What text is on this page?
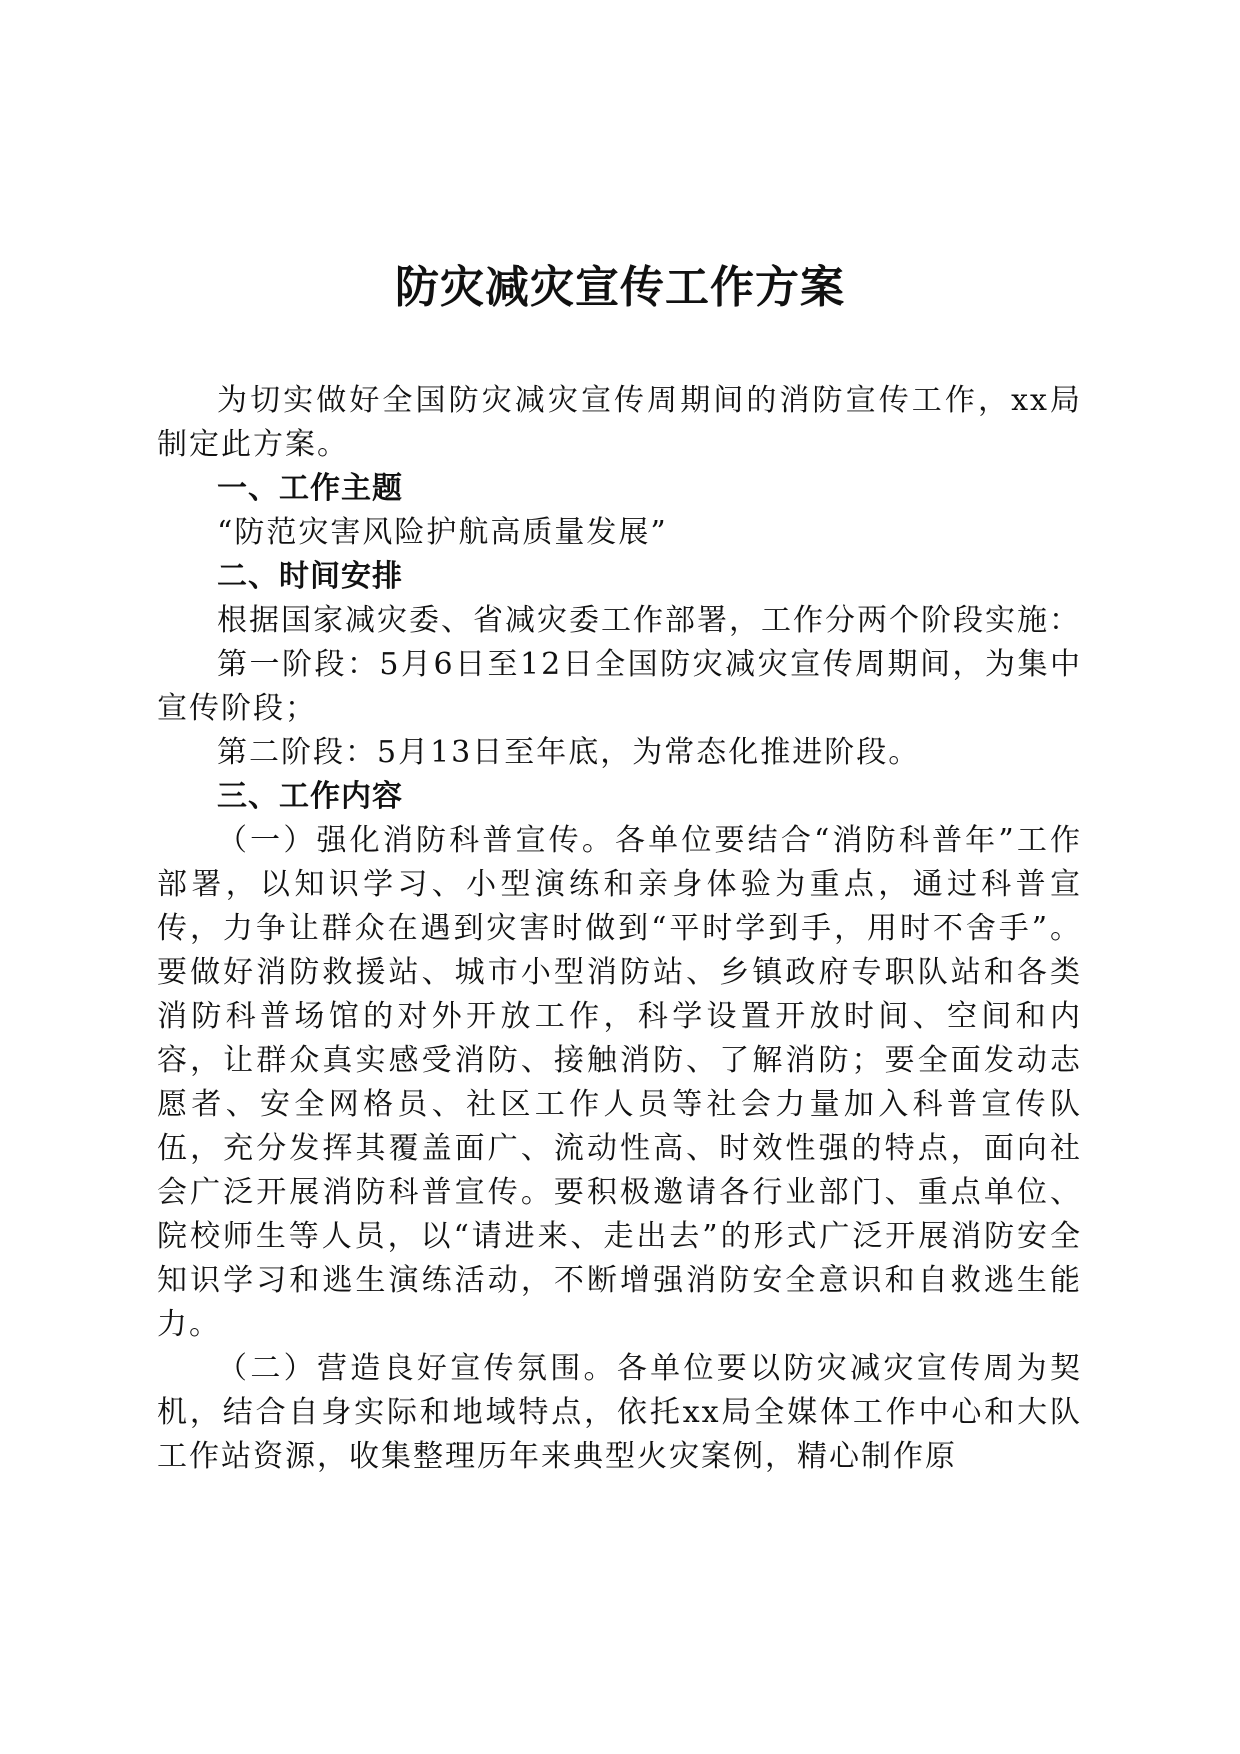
防灾减灾宣传工作方案

为切实做好全国防灾减灾宣传周期间的消防宣传工作，xx局制定此方案。

一、工作主题

“防范灾害风险护航高质量发展”

二、时间安排

根据国家减灾委、省减灾委工作部署，工作分两个阶段实施：

第一阶段：5月6日至12日全国防灾减灾宣传周期间，为集中宣传阶段；

第二阶段：5月13日至年底，为常态化推进阶段。

三、工作内容

（一）强化消防科普宣传。各单位要结合“消防科普年”工作部署，以知识学习、小型演练和亲身体验为重点，通过科普宣传，力争让群众在遇到灾害时做到“平时学到手，用时不舍手”。要做好消防救援站、城市小型消防站、乡镇政府专职队站和各类消防科普场馆的对外开放工作，科学设置开放时间、空间和内容，让群众真实感受消防、接触消防、了解消防；要全面发动志愿者、安全网格员、社区工作人员等社会力量加入科普宣传队伍，充分发挥其覆盖面广、流动性高、时效性强的特点，面向社会广泛开展消防科普宣传。要积极邀请各行业部门、重点单位、院校师生等人员，以“请进来、走出去”的形式广泛开展消防安全知识学习和逃生演练活动，不断增强消防安全意识和自救逃生能力。

（二）营造良好宣传氛围。各单位要以防灾减灾宣传周为契机，结合自身实际和地域特点，依托xx局全媒体工作中心和大队工作站资源，收集整理历年来典型火灾案例，精心制作原
